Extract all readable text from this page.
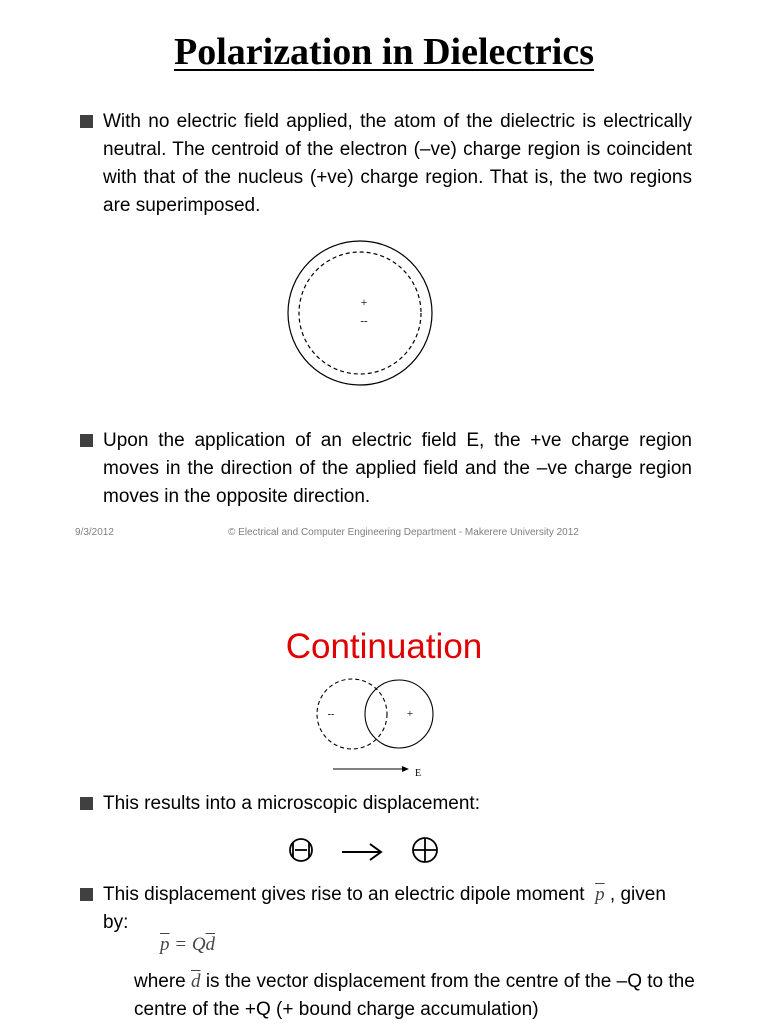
Polarization in Dielectrics
With no electric field applied, the atom of the dielectric is electrically neutral. The centroid of the electron (–ve) charge region is coincident with that of the nucleus (+ve) charge region. That is, the two regions are superimposed.
+
--
Upon the application of an electric field E, the +ve charge region moves in the direction of the applied field and the –ve charge region moves in the opposite direction.
9/3/2012	© Electrical and Computer Engineering Department - Makerere University 2012
Continuation
--	+
E
This results into a microscopic displacement:
This displacement gives rise to an electric dipole moment $\overline{p}$ , given by:
$\overline{p} = Q\overline{d}$
where $\overline{d}$ is the vector displacement from the centre of the –Q to the centre of the +Q (+ bound charge accumulation)
